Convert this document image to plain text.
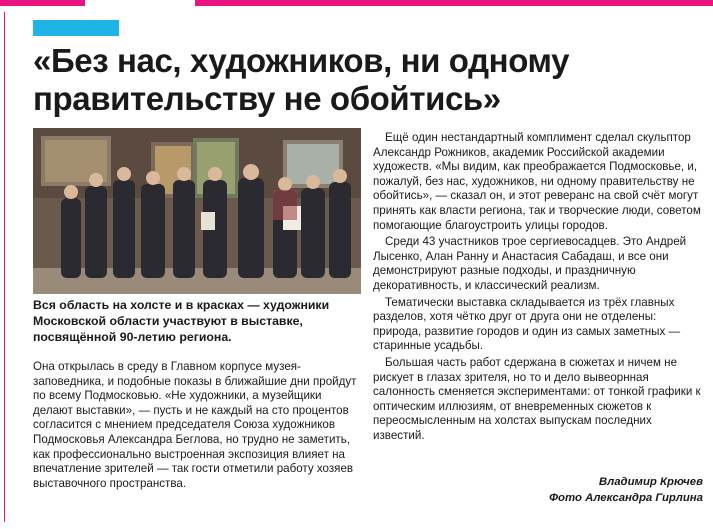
«Без нас, художников, ни одному правительству не обойтись»

Вся область на холсте и в красках — художники Московской области участвуют в выставке, посвящённой 90-летию региона.

Она открылась в среду в Главном корпусе музея-заповедника, и подобные показы в ближайшие дни пройдут по всему Подмосковью. «Не художники, а музейщики делают выставки», — пусть и не каждый на сто процентов согласится с мнением председателя Союза художников Подмосковья Александра Беглова, но трудно не заметить, как профессионально выстроенная экспозиция влияет на впечатление зрителей — так гости отметили работу хозяев выставочного пространства.

Ещё один нестандартный комплимент сделал скульптор Александр Рожников, академик Российской академии художеств. «Мы видим, как преображается Подмосковье, и, пожалуй, без нас, художников, ни одному правительству не обойтись», — сказал он, и этот реверанс на свой счёт могут принять как власти региона, так и творческие люди, советом помогающие благоустроить улицы городов.

Среди 43 участников трое сергиевосадцев. Это Андрей Лысенко, Алан Ранну и Анастасия Сабадаш, и все они демонстрируют разные подходы, и праздничную декоративность, и классический реализм.

Тематически выставка складывается из трёх главных разделов, хотя чётко друг от друга они не отделены: природа, развитие городов и один из самых заметных — старинные усадьбы.

Большая часть работ сдержана в сюжетах и ничем не рискует в глазах зрителя, но то и дело вывеорнная салонность сменяется экспериментами: от тонкой графики к оптическим иллюзиям, от вневременных сюжетов к переосмысленным на холстах выпускам последних известий.

Владимир Крючев
Фото Александра Гирлина
